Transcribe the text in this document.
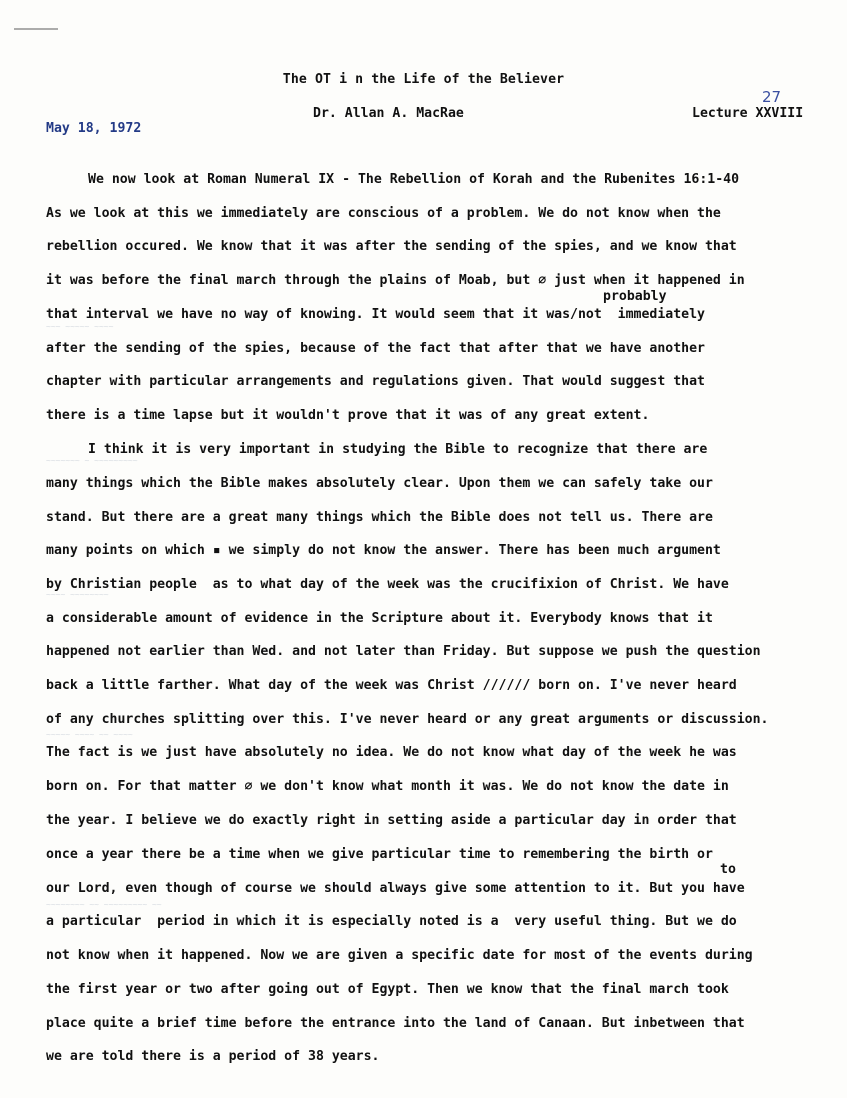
~~~ ~~~~~ ~~~~
~~~~~~~ ~ ~~~~~~~~~
~~~~ ~~~~~~~~
~~~~~ ~~~~ ~~ ~~~~
~~~~~~~~ ~~ ~~~~~~~~~ ~~
The OT i n the Life of the Believer
27
Dr. Allan A. MacRae	Lecture XXVIII
May 18, 1972
probably
to
We now look at Roman Numeral IX - The Rebellion of Korah and the Rubenites 16:1-40
As we look at this we immediately are conscious of a problem. We do not know when the
rebellion occured. We know that it was after the sending of the spies, and we know that
it was before the final march through the plains of Moab, but ∅ just when it happened in
that interval we have no way of knowing. It would seem that it was/not  immediately
after the sending of the spies, because of the fact that after that we have another
chapter with particular arrangements and regulations given. That would suggest that
there is a time lapse but it wouldn't prove that it was of any great extent.
I think it is very important in studying the Bible to recognize that there are
many things which the Bible makes absolutely clear. Upon them we can safely take our
stand. But there are a great many things which the Bible does not tell us. There are
many points on which ▪ we simply do not know the answer. There has been much argument
by Christian people  as to what day of the week was the crucifixion of Christ. We have
a considerable amount of evidence in the Scripture about it. Everybody knows that it
happened not earlier than Wed. and not later than Friday. But suppose we push the question
back a little farther. What day of the week was Christ ////// born on. I've never heard
of any churches splitting over this. I've never heard or any great arguments or discussion.
The fact is we just have absolutely no idea. We do not know what day of the week he was
born on. For that matter ∅ we don't know what month it was. We do not know the date in
the year. I believe we do exactly right in setting aside a particular day in order that
once a year there be a time when we give particular time to remembering the birth or
our Lord, even though of course we should always give some attention to it. But you have
a particular  period in which it is especially noted is a  very useful thing. But we do
not know when it happened. Now we are given a specific date for most of the events during
the first year or two after going out of Egypt. Then we know that the final march took
place quite a brief time before the entrance into the land of Canaan. But inbetween that
we are told there is a period of 38 years.
